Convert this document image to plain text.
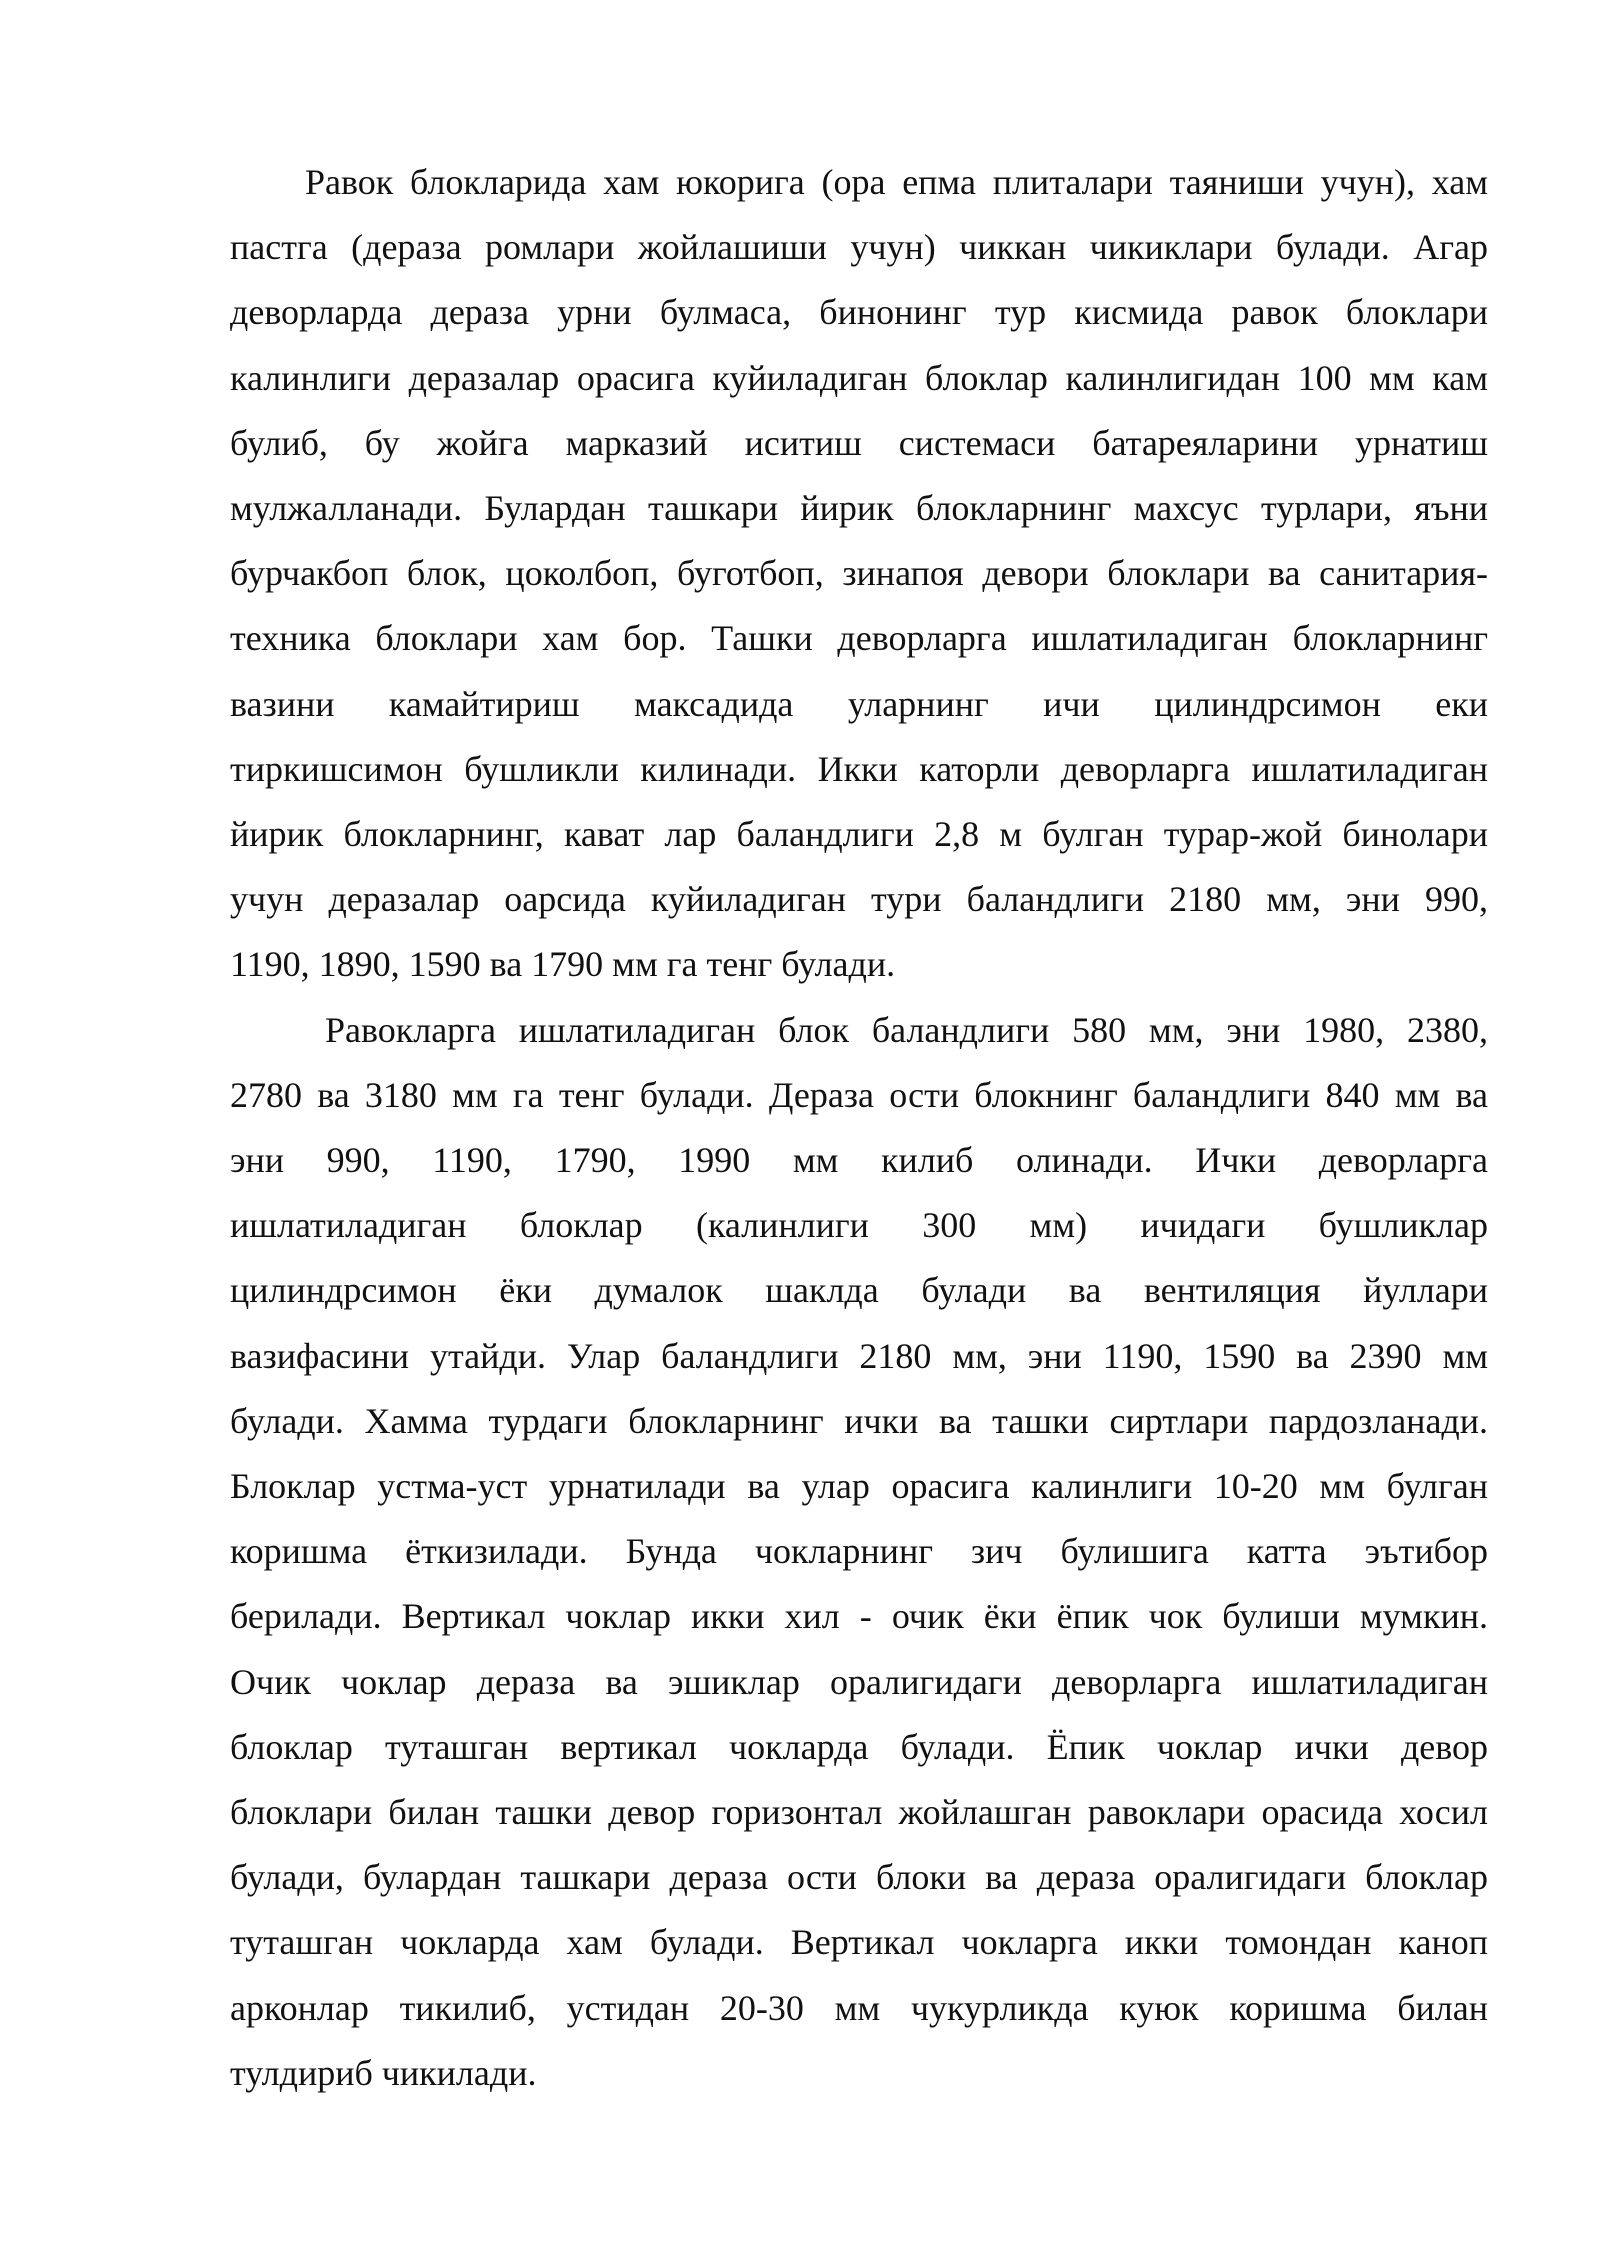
Равок блокларида хам юкорига (ора епма плиталари таяниши учун), хам
пастга (дераза ромлари жойлашиши учун) чиккан чикиклари булади. Агар
деворларда дераза урни булмаса, бинонинг тур кисмида равок блоклари
калинлиги деразалар орасига куйиладиган блоклар калинлигидан 100 мм кам
булиб, бу жойга марказий иситиш системаси батареяларини урнатиш
мулжалланади. Булардан ташкари йирик блокларнинг махсус турлари, яъни
бурчакбоп блок, цоколбоп, буготбоп, зинапоя девори блоклари ва санитария-
техника блоклари хам бор. Ташки деворларга ишлатиладиган блокларнинг
вазини камайтириш максадида уларнинг ичи цилиндрсимон еки
тиркишсимон бушликли килинади. Икки каторли деворларга ишлатиладиган
йирик блокларнинг, кават лар баландлиги 2,8 м булган турар-жой бинолари
учун деразалар оарсида куйиладиган тури баландлиги 2180 мм, эни 990,
1190, 1890, 1590 ва 1790 мм га тенг булади.

Равокларга ишлатиладиган блок баландлиги 580 мм, эни 1980, 2380,
2780 ва 3180 мм га тенг булади. Дераза ости блокнинг баландлиги 840 мм ва
эни 990, 1190, 1790, 1990 мм килиб олинади. Ички деворларга
ишлатиладиган блоклар (калинлиги 300 мм) ичидаги бушликлар
цилиндрсимон ёки думалок шаклда булади ва вентиляция йуллари
вазифасини утайди. Улар баландлиги 2180 мм, эни 1190, 1590 ва 2390 мм
булади. Хамма турдаги блокларнинг ички ва ташки сиртлари пардозланади.
Блоклар устма-уст урнатилади ва улар орасига калинлиги 10-20 мм булган
коришма ёткизилади. Бунда чокларнинг зич булишига катта эътибор
берилади. Вертикал чоклар икки хил - очик ёки ёпик чок булиши мумкин.
Очик чоклар дераза ва эшиклар оралигидаги деворларга ишлатиладиган
блоклар туташган вертикал чокларда булади. Ёпик чоклар ички девор
блоклари билан ташки девор горизонтал жойлашган равоклари орасида хосил
булади, булардан ташкари дераза ости блоки ва дераза оралигидаги блоклар
туташган чокларда хам булади. Вертикал чокларга икки томондан каноп
арконлар тикилиб, устидан 20-30 мм чукурликда куюк коришма билан
тулдириб чикилади.
